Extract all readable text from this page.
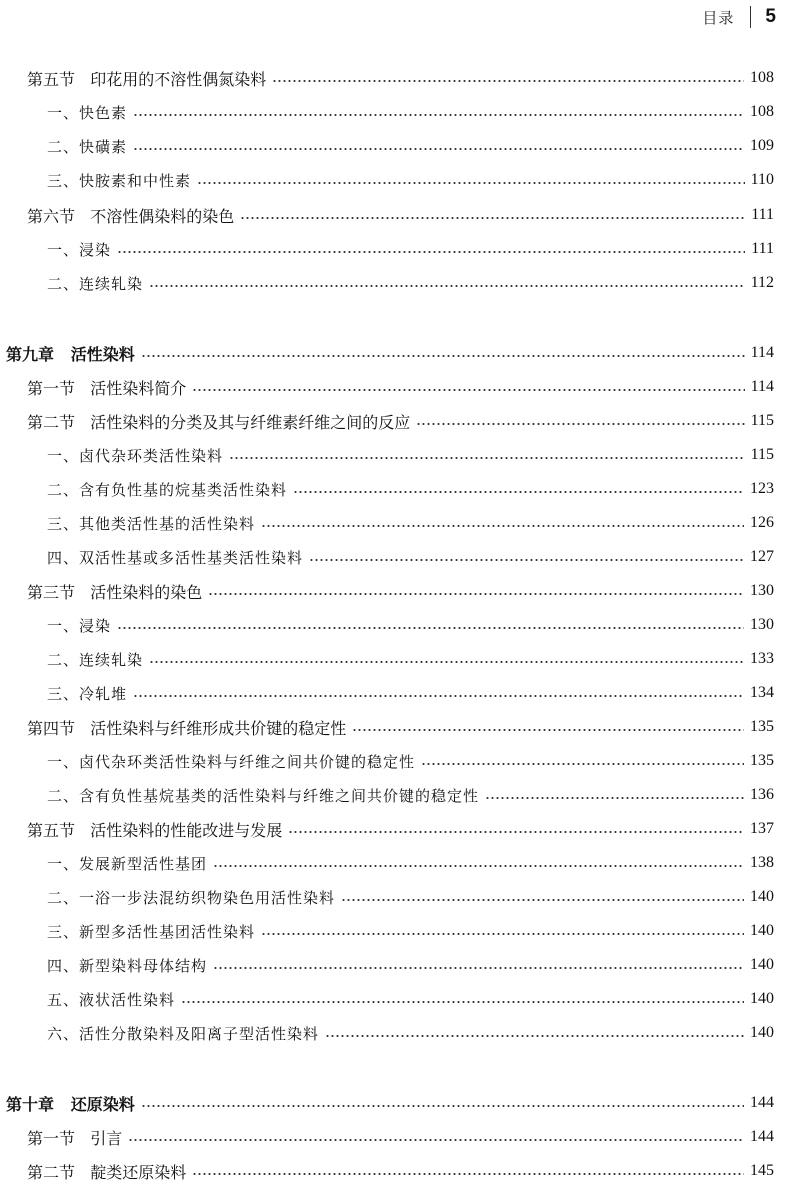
目录 5
第五节   印花用的不溶性偶氮染料	108
一、快色素	108
二、快磺素	109
三、快胺素和中性素	110
第六节   不溶性偶染料的染色	111
一、浸染	111
二、连续轧染	112
第九章   活性染料	114
第一节   活性染料简介	114
第二节   活性染料的分类及其与纤维素纤维之间的反应	115
一、卤代杂环类活性染料	115
二、含有负性基的烷基类活性染料	123
三、其他类活性基的活性染料	126
四、双活性基或多活性基类活性染料	127
第三节   活性染料的染色	130
一、浸染	130
二、连续轧染	133
三、冷轧堆	134
第四节   活性染料与纤维形成共价键的稳定性	135
一、卤代杂环类活性染料与纤维之间共价键的稳定性	135
二、含有负性基烷基类的活性染料与纤维之间共价键的稳定性	136
第五节   活性染料的性能改进与发展	137
一、发展新型活性基团	138
二、一浴一步法混纺织物染色用活性染料	140
三、新型多活性基团活性染料	140
四、新型染料母体结构	140
五、液状活性染料	140
六、活性分散染料及阳离子型活性染料	140
第十章   还原染料	144
第一节   引言	144
第二节   靛类还原染料	145
